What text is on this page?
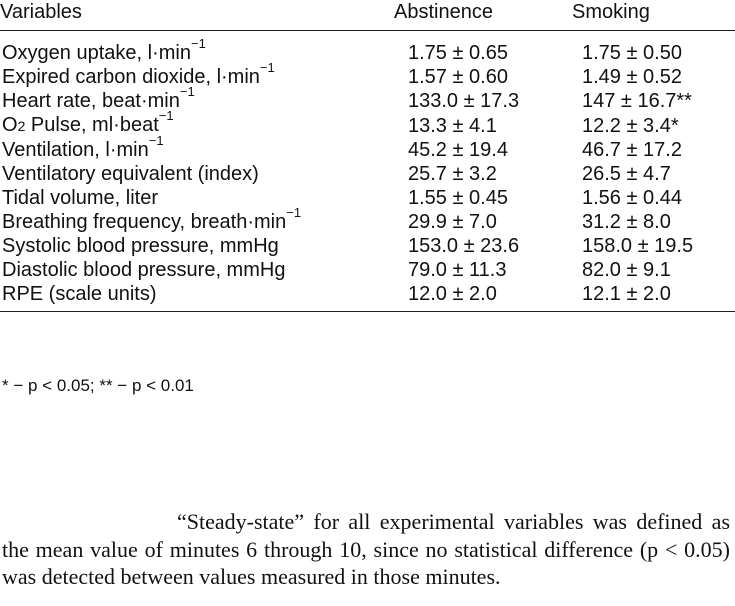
Variables	Abstinence	Smoking
Oxygen uptake, $l\cdot\min^{-1}$	1.75 ± 0.65	1.75 ± 0.50
Expired carbon dioxide, $l\cdot\min^{-1}$	1.57 ± 0.60	1.49 ± 0.52
Heart rate, $beat\cdot\min^{-1}$	133.0 ± 17.3	147 ± 16.7**
O2 Pulse, ml·beat$^{-1}$	13.3 ± 4.1	12.2 ± 3.4*
Ventilation, $l\cdot\min^{-1}$	45.2 ± 19.4	46.7 ± 17.2
Ventilatory equivalent (index)	25.7 ± 3.2	26.5 ± 4.7
Tidal volume, liter	1.55 ± 0.45	1.56 ± 0.44
Breathing frequency, $breath\cdot\min^{-1}$	29.9 ± 7.0	31.2 ± 8.0
Systolic blood pressure, mmHg	153.0 ± 23.6	158.0 ± 19.5
Diastolic blood pressure, mmHg	79.0 ± 11.3	82.0 ± 9.1
RPE (scale units)	12.0 ± 2.0	12.1 ± 2.0
* − p < 0.05; ** − p < 0.01

“Steady-state” for all experimental variables was defined as the mean value of minutes 6 through 10, since no statistical difference (p < 0.05) was detected between values measured in those minutes.
